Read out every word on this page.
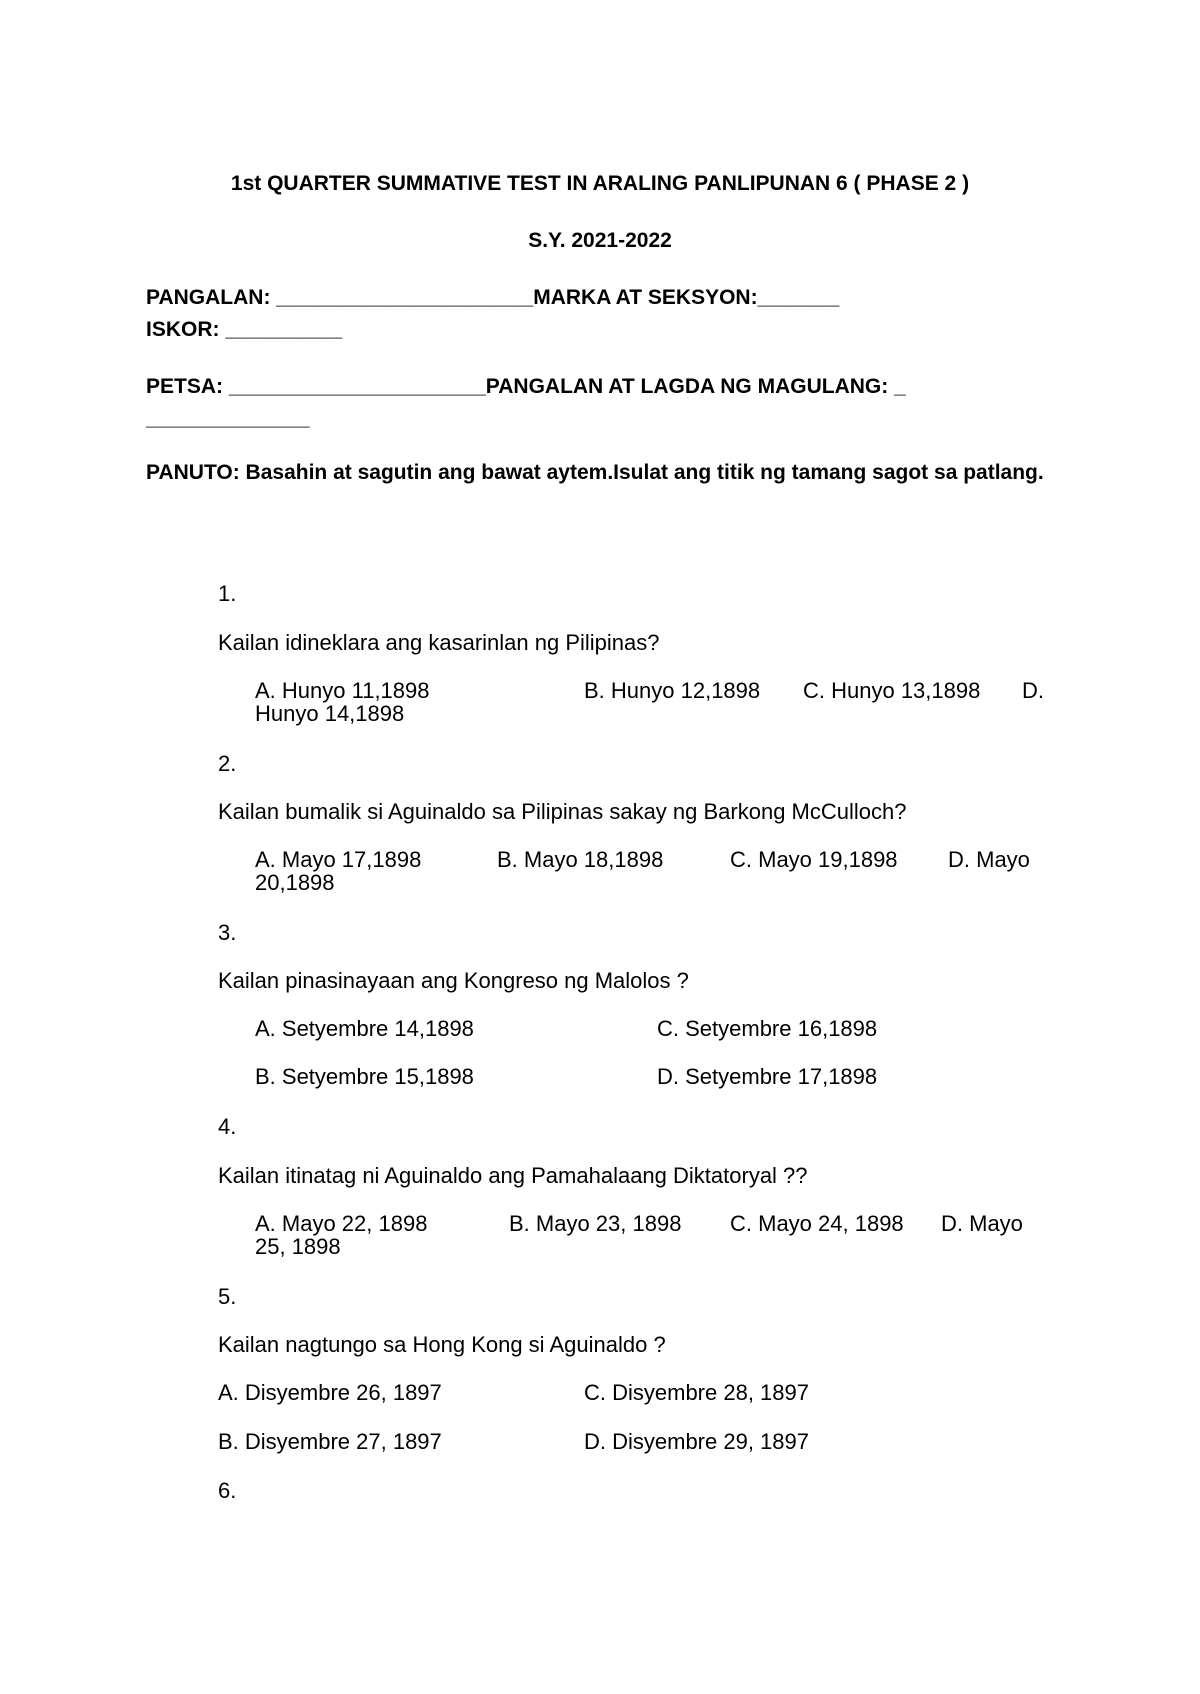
1st QUARTER SUMMATIVE TEST IN ARALING PANLIPUNAN 6 ( PHASE 2 )
S.Y. 2021-2022
PANGALAN: ______________________MARKA AT SEKSYON:_______
ISKOR: __________
PETSA: ______________________PANGALAN AT LAGDA NG MAGULANG: _
______________
PANUTO: Basahin at sagutin ang bawat aytem.Isulat ang titik ng tamang sagot sa patlang.
1.
Kailan idineklara ang kasarinlan ng Pilipinas?
A. Hunyo 11,1898	B. Hunyo 12,1898 C. Hunyo 13,1898 D.
Hunyo 14,1898
2.
Kailan bumalik si Aguinaldo sa Pilipinas sakay ng Barkong McCulloch?
A. Mayo 17,1898	B. Mayo 18,1898	C. Mayo 19,1898 D. Mayo
20,1898
3.
Kailan pinasinayaan ang Kongreso ng Malolos ?
A. Setyembre 14,1898	C. Setyembre 16,1898
B. Setyembre 15,1898	D. Setyembre 17,1898
4.
Kailan itinatag ni Aguinaldo ang Pamahalaang Diktatoryal ??
A. Mayo 22, 1898	B. Mayo 23, 1898 C. Mayo 24, 1898 D. Mayo
25, 1898
5.
Kailan nagtungo sa Hong Kong si Aguinaldo ?
A. Disyembre 26, 1897	C. Disyembre 28, 1897
B. Disyembre 27, 1897	D. Disyembre 29, 1897
6.
